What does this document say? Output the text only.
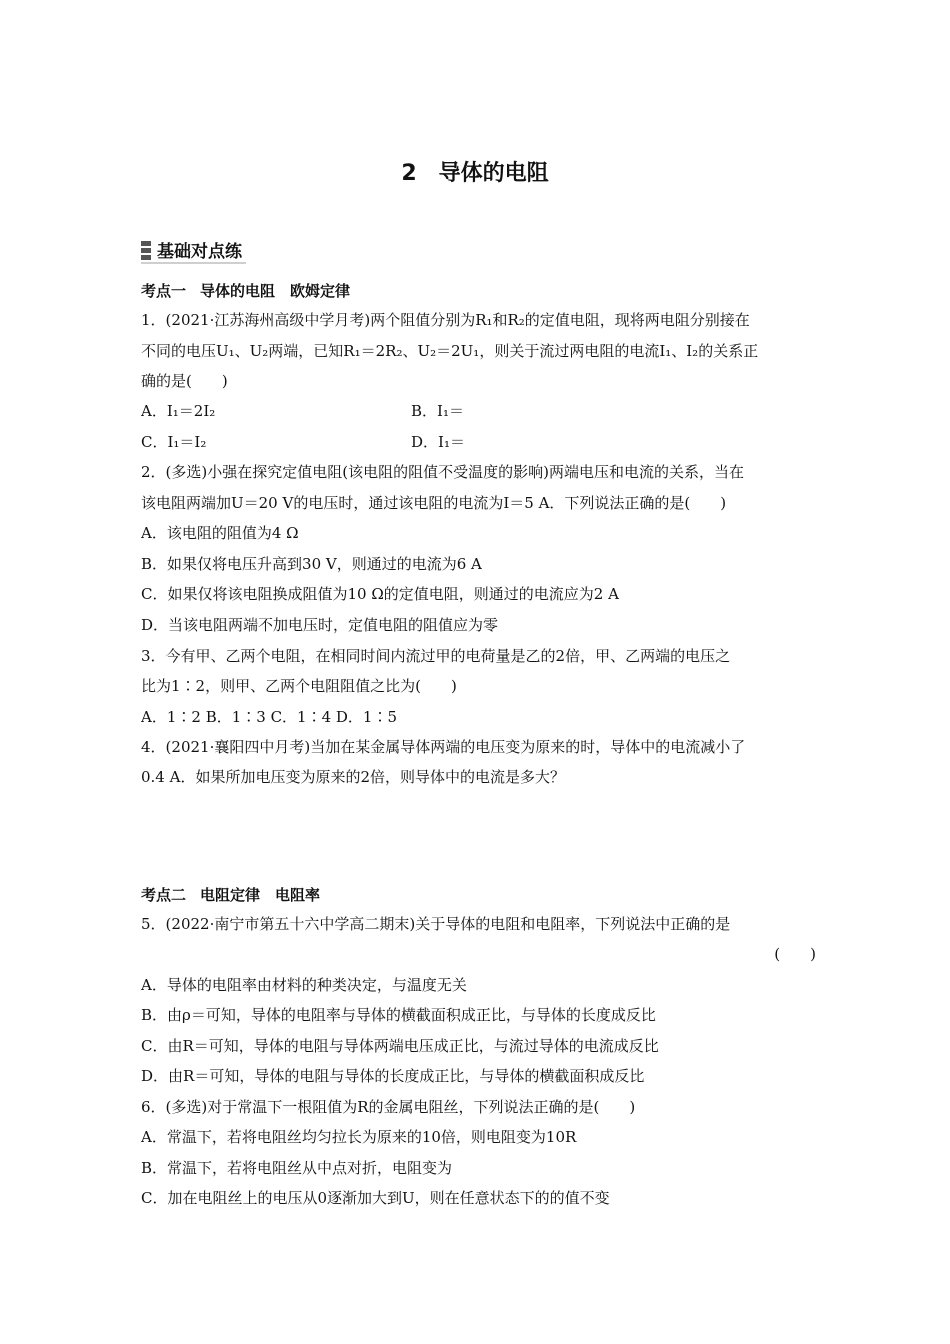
2 导体的电阻
基础对点练
考点一 导体的电阻　欧姆定律
1．(2021·江苏海州高级中学月考)两个阻值分别为R₁和R₂的定值电阻，现将两电阻分别接在
不同的电压U₁、U₂两端，已知R₁＝2R₂、U₂＝2U₁，则关于流过两电阻的电流I₁、I₂的关系正
确的是(　　)
A．I₁＝2I₂	B．I₁＝
C．I₁＝I₂	D．I₁＝
2．(多选)小强在探究定值电阻(该电阻的阻值不受温度的影响)两端电压和电流的关系，当在
该电阻两端加U＝20 V的电压时，通过该电阻的电流为I＝5 A．下列说法正确的是(　　)
A．该电阻的阻值为4 Ω
B．如果仅将电压升高到30 V，则通过的电流为6 A
C．如果仅将该电阻换成阻值为10 Ω的定值电阻，则通过的电流应为2 A
D．当该电阻两端不加电压时，定值电阻的阻值应为零
3．今有甲、乙两个电阻，在相同时间内流过甲的电荷量是乙的2倍，甲、乙两端的电压之
比为1∶2，则甲、乙两个电阻阻值之比为(　　)
A．1∶2 B．1∶3 C．1∶4 D．1∶5
4．(2021·襄阳四中月考)当加在某金属导体两端的电压变为原来的时，导体中的电流减小了
0.4 A．如果所加电压变为原来的2倍，则导体中的电流是多大？
考点二 电阻定律　电阻率
5．(2022·南宁市第五十六中学高二期末)关于导体的电阻和电阻率，下列说法中正确的是
(　　)
A．导体的电阻率由材料的种类决定，与温度无关
B．由ρ＝可知，导体的电阻率与导体的横截面积成正比，与导体的长度成反比
C．由R＝可知，导体的电阻与导体两端电压成正比，与流过导体的电流成反比
D．由R＝可知，导体的电阻与导体的长度成正比，与导体的横截面积成反比
6．(多选)对于常温下一根阻值为R的金属电阻丝，下列说法正确的是(　　)
A．常温下，若将电阻丝均匀拉长为原来的10倍，则电阻变为10R
B．常温下，若将电阻丝从中点对折，电阻变为
C．加在电阻丝上的电压从0逐渐加大到U，则在任意状态下的的值不变
